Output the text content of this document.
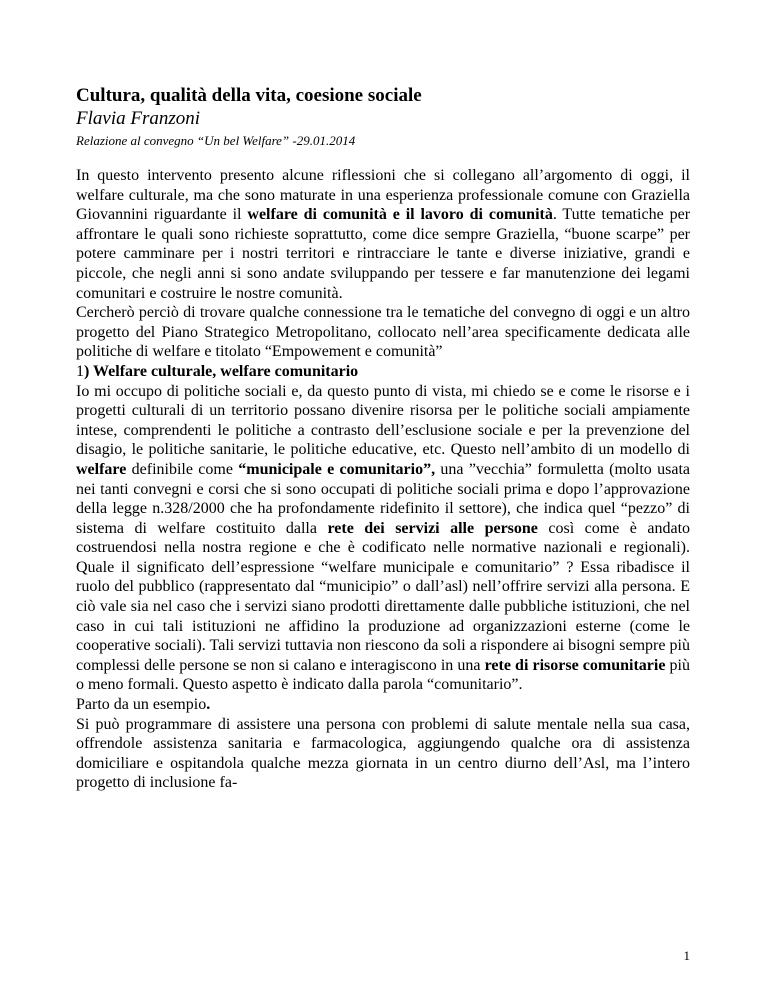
Cultura, qualità della vita, coesione sociale
Flavia Franzoni
Relazione al convegno “Un bel Welfare” -29.01.2014

In questo intervento presento alcune riflessioni che si collegano all’argomento di oggi, il welfare culturale, ma che sono maturate in una esperienza professionale comune con Graziella Giovannini riguardante il welfare di comunità e il lavoro di comunità. Tutte tematiche per affrontare le quali sono richieste soprattutto, come dice sempre Graziella, “buone scarpe” per potere camminare per i nostri territori e rintracciare le tante e diverse iniziative, grandi e piccole, che negli anni si sono andate sviluppando per tessere e far manutenzione dei legami comunitari e costruire le nostre comunità.

Cercherò perciò di trovare qualche connessione tra le tematiche del convegno di oggi e un altro progetto del Piano Strategico Metropolitano, collocato nell’area specificamente dedicata alle politiche di welfare e titolato “Empowement e comunità”

1) Welfare culturale, welfare comunitario

Io mi occupo di politiche sociali e, da questo punto di vista, mi chiedo se e come le risorse e i progetti culturali di un territorio possano divenire risorsa per le politiche sociali ampiamente intese, comprendenti le politiche a contrasto dell’esclusione sociale e per la prevenzione del disagio, le politiche sanitarie, le politiche educative, etc. Questo nell’ambito di un modello di welfare definibile come “municipale e comunitario”, una ”vecchia” formuletta (molto usata nei tanti convegni e corsi che si sono occupati di politiche sociali prima e dopo l’approvazione della legge n.328/2000 che ha profondamente ridefinito il settore), che indica quel “pezzo” di sistema di welfare costituito dalla rete dei servizi alle persone così come è andato costruendosi nella nostra regione e che è codificato nelle normative nazionali e regionali). Quale il significato dell’espressione “welfare municipale e comunitario” ? Essa ribadisce il ruolo del pubblico (rappresentato dal “municipio” o dall’asl) nell’offrire servizi alla persona. E ciò vale sia nel caso che i servizi siano prodotti direttamente dalle pubbliche istituzioni, che nel caso in cui tali istituzioni ne affidino la produzione ad organizzazioni esterne (come le cooperative sociali). Tali servizi tuttavia non riescono da soli a rispondere ai bisogni sempre più complessi delle persone se non si calano e interagiscono in una rete di risorse comunitarie più o meno formali. Questo aspetto è indicato dalla parola “comunitario”.

Parto da un esempio.

Si può programmare di assistere una persona con problemi di salute mentale nella sua casa, offrendole assistenza sanitaria e farmacologica, aggiungendo qualche ora di assistenza domiciliare e ospitandola qualche mezza giornata in un centro diurno dell’Asl, ma l’intero progetto di inclusione fa-

1
